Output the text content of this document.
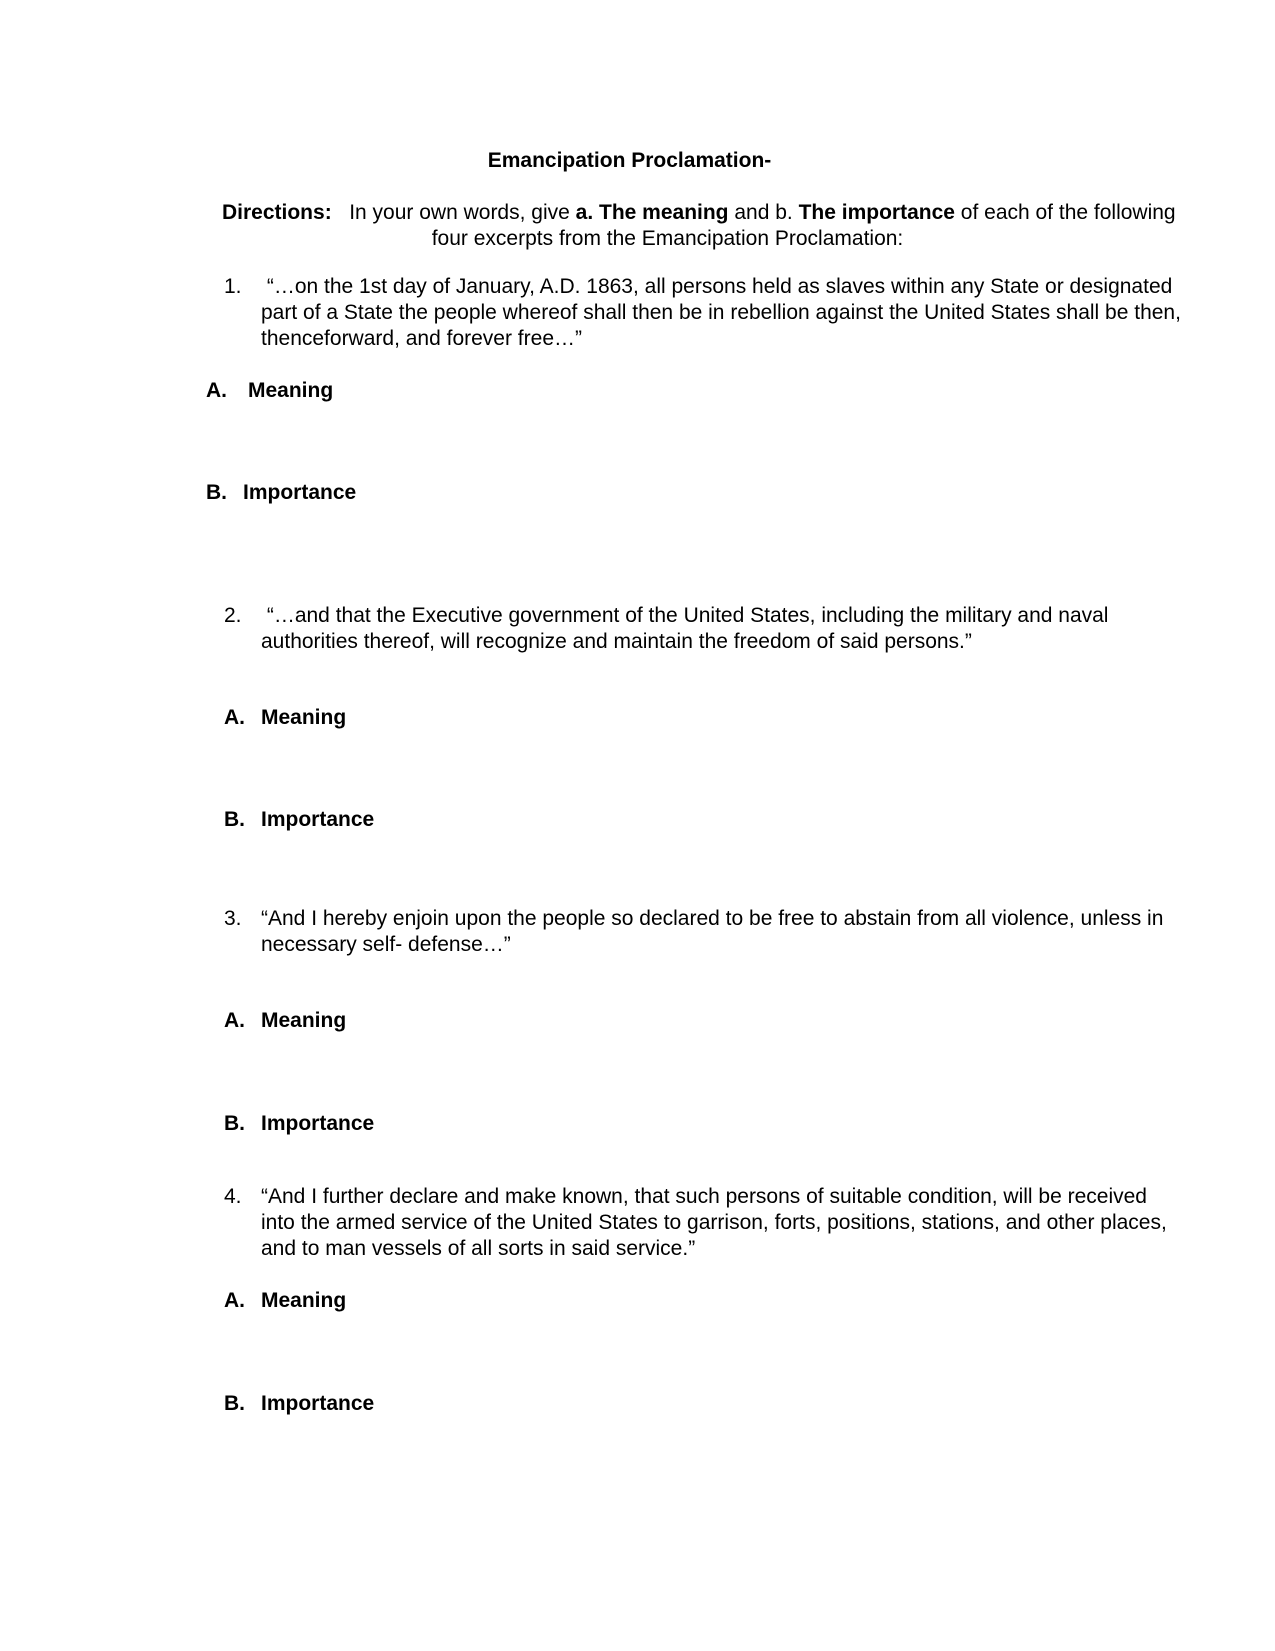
Emancipation Proclamation-
Directions: In your own words, give a. The meaning and b. The importance of each of the following
four excerpts from the Emancipation Proclamation:
1. “…on the 1st day of January, A.D. 1863, all persons held as slaves within any State or designated
part of a State the people whereof shall then be in rebellion against the United States shall be then,
thenceforward, and forever free…”
A. Meaning
B. Importance
2. “…and that the Executive government of the United States, including the military and naval
authorities thereof, will recognize and maintain the freedom of said persons.”
A. Meaning
B. Importance
3. “And I hereby enjoin upon the people so declared to be free to abstain from all violence, unless in
necessary self- defense…”
A. Meaning
B. Importance
4. “And I further declare and make known, that such persons of suitable condition, will be received
into the armed service of the United States to garrison, forts, positions, stations, and other places,
and to man vessels of all sorts in said service.”
A. Meaning
B. Importance
